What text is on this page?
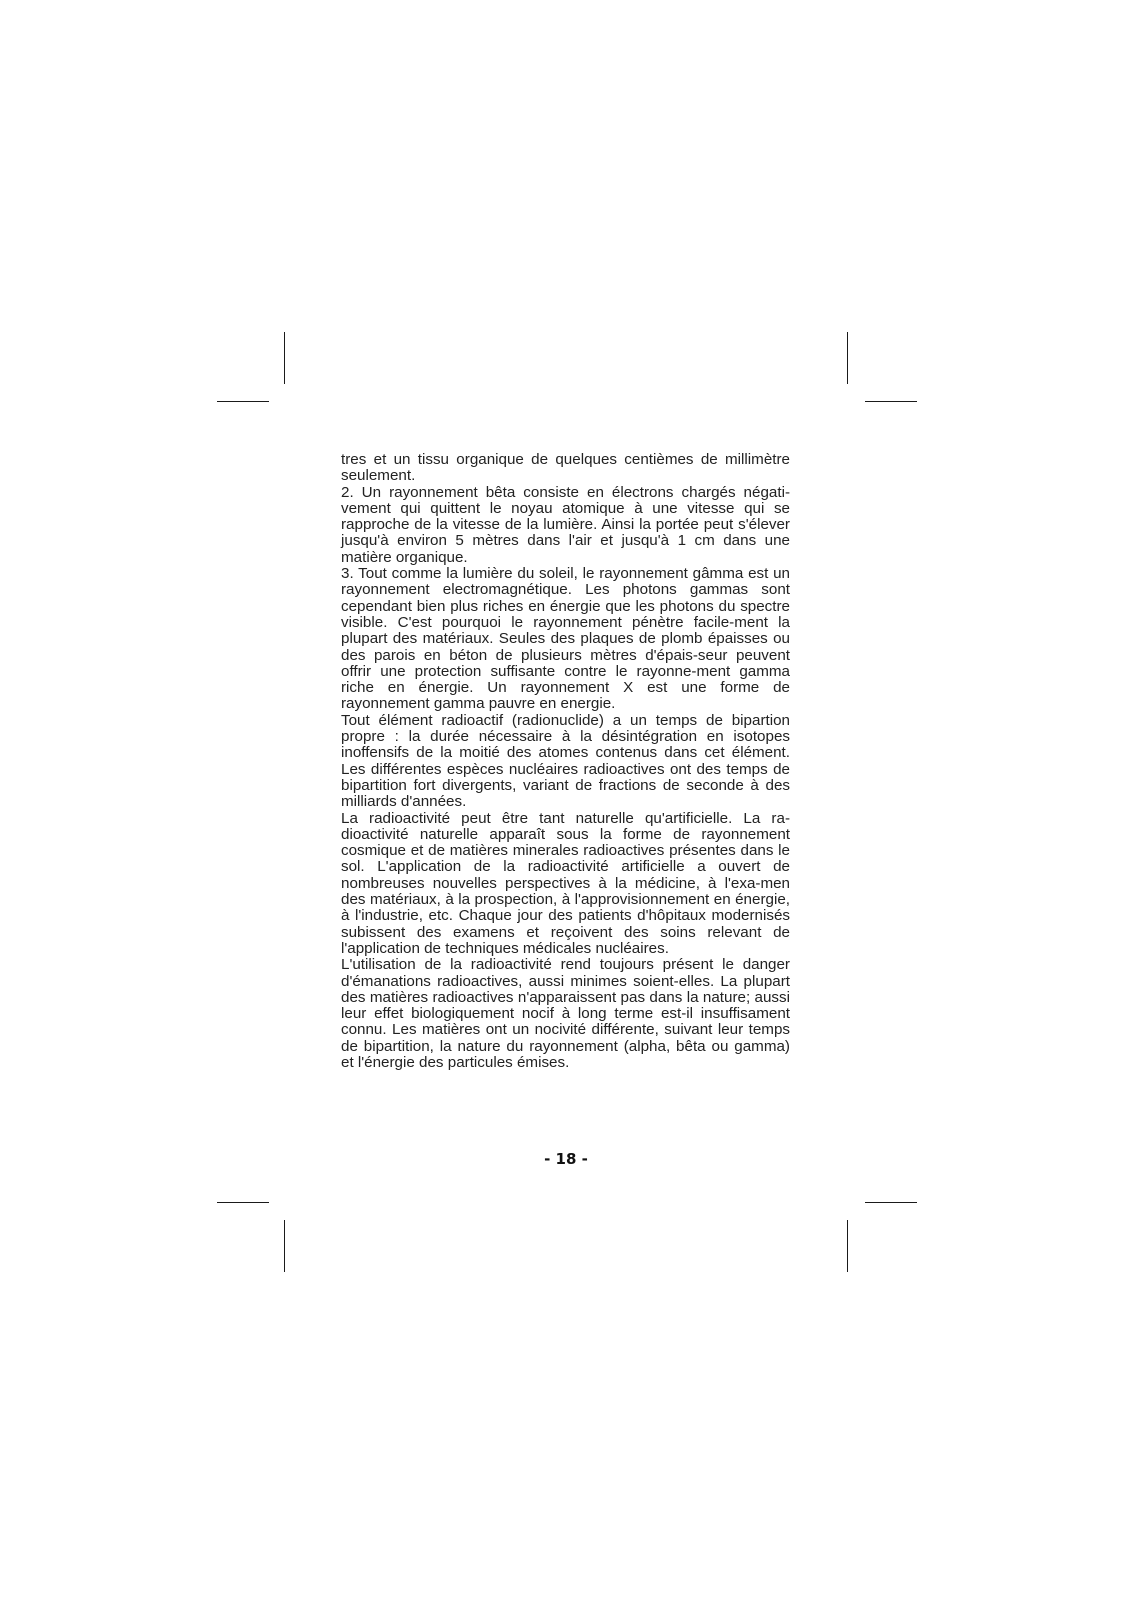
tres et un tissu organique de quelques centièmes de millimètre seulement.

2. Un rayonnement bêta consiste en électrons chargés négati-vement qui quittent le noyau atomique à une vitesse qui se rapproche de la vitesse de la lumière. Ainsi la portée peut s'élever jusqu'à environ 5 mètres dans l'air et jusqu'à 1 cm dans une matière organique.

3. Tout comme la lumière du soleil, le rayonnement gâmma est un rayonnement electromagnétique. Les photons gammas sont cependant bien plus riches en énergie que les photons du spectre visible. C'est pourquoi le rayonnement pénètre facile-ment la plupart des matériaux. Seules des plaques de plomb épaisses ou des parois en béton de plusieurs mètres d'épais-seur peuvent offrir une protection suffisante contre le rayonne-ment gamma riche en énergie. Un rayonnement X est une forme de rayonnement gamma pauvre en energie.

Tout élément radioactif (radionuclide) a un temps de bipartion propre : la durée nécessaire à la désintégration en isotopes inoffensifs de la moitié des atomes contenus dans cet élément. Les différentes espèces nucléaires radioactives ont des temps de bipartition fort divergents, variant de fractions de seconde à des milliards d'années.

La radioactivité peut être tant naturelle qu'artificielle. La ra-dioactivité naturelle apparaît sous la forme de rayonnement cosmique et de matières minerales radioactives présentes dans le sol. L'application de la radioactivité artificielle a ouvert de nombreuses nouvelles perspectives à la médicine, à l'exa-men des matériaux, à la prospection, à l'approvisionnement en énergie, à l'industrie, etc. Chaque jour des patients d'hôpitaux modernisés subissent des examens et reçoivent des soins relevant de l'application de techniques médicales nucléaires.

L'utilisation de la radioactivité rend toujours présent le danger d'émanations radioactives, aussi minimes soient-elles. La plupart des matières radioactives n'apparaissent pas dans la nature; aussi leur effet biologiquement nocif à long terme est-il insuffisament connu. Les matières ont un nocivité différente, suivant leur temps de bipartition, la nature du rayonnement (alpha, bêta ou gamma) et l'énergie des particules émises.

- 18 -
